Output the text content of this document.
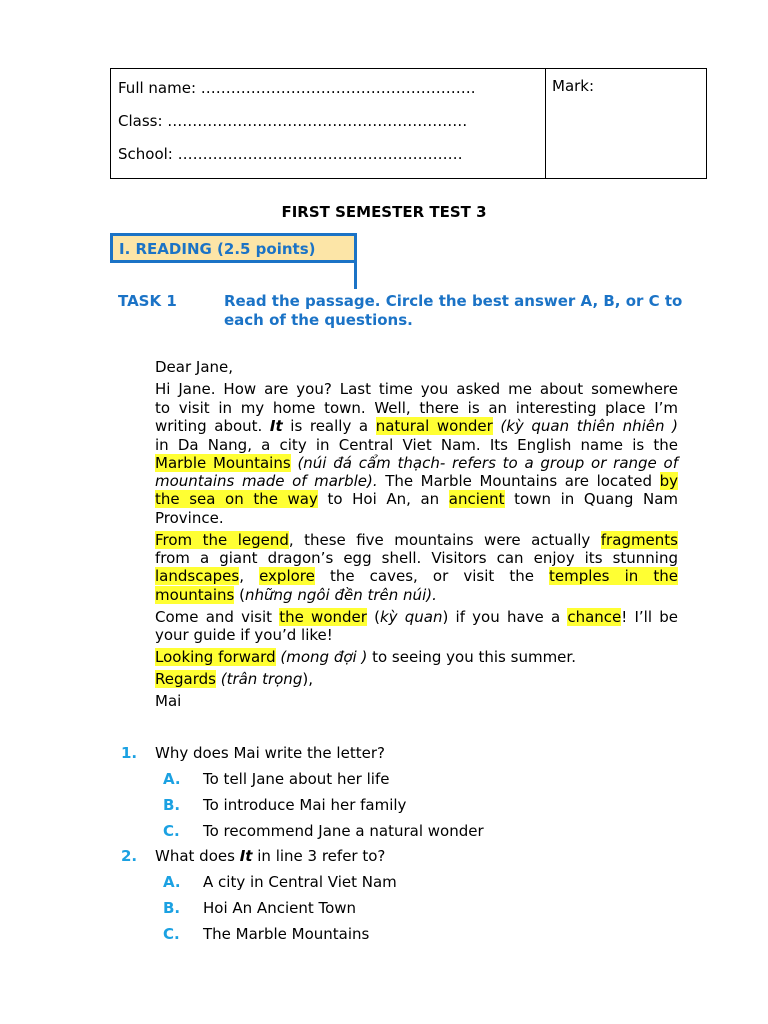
Full name: ……………………………………………….
Class: ……………………………………………………
School: …………………………………………………
Mark:
FIRST SEMESTER TEST 3
I. READING (2.5 points)
TASK 1	Read the passage. Circle the best answer A, B, or C to
each of the questions.
Dear Jane,
Hi Jane. How are you? Last time you asked me about somewhere
to visit in my home town. Well, there is an interesting place I’m
writing about. It is really a natural wonder (kỳ quan thiên nhiên )
in Da Nang, a city in Central Viet Nam. Its English name is the
Marble Mountains (núi đá cẩm thạch- refers to a group or range of
mountains made of marble). The Marble Mountains are located by
the sea on the way to Hoi An, an ancient town in Quang Nam
Province.
From the legend, these five mountains were actually fragments
from a giant dragon’s egg shell. Visitors can enjoy its stunning
landscapes, explore the caves, or visit the temples in the
mountains (những ngôi đền trên núi).
Come and visit the wonder (kỳ quan) if you have a chance! I’ll be
your guide if you’d like!
Looking forward (mong đợi ) to seeing you this summer.
Regards (trân trọng),
Mai
1. Why does Mai write the letter?
A. To tell Jane about her life
B. To introduce Mai her family
C. To recommend Jane a natural wonder
2. What does It in line 3 refer to?
A. A city in Central Viet Nam
B. Hoi An Ancient Town
C. The Marble Mountains
